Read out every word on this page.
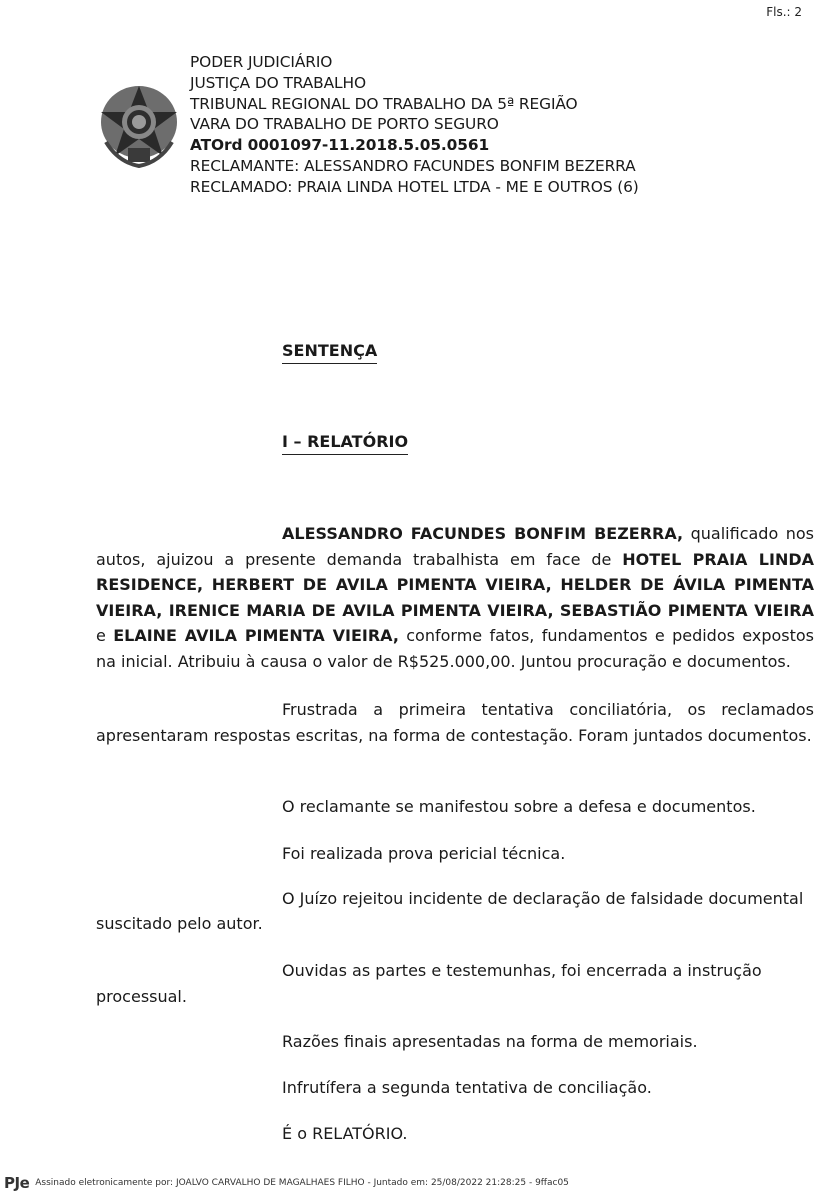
Fls.: 2
PODER JUDICIÁRIO
JUSTIÇA DO TRABALHO
TRIBUNAL REGIONAL DO TRABALHO DA 5ª REGIÃO
VARA DO TRABALHO DE PORTO SEGURO
ATOrd 0001097-11.2018.5.05.0561
RECLAMANTE: ALESSANDRO FACUNDES BONFIM BEZERRA
RECLAMADO: PRAIA LINDA HOTEL LTDA - ME E OUTROS (6)
SENTENÇA
I – RELATÓRIO
ALESSANDRO FACUNDES BONFIM BEZERRA, qualificado nos autos, ajuizou a presente demanda trabalhista em face de HOTEL PRAIA LINDA RESIDENCE, HERBERT DE AVILA PIMENTA VIEIRA, HELDER DE ÁVILA PIMENTA VIEIRA, IRENICE MARIA DE AVILA PIMENTA VIEIRA, SEBASTIÃO PIMENTA VIEIRA e ELAINE AVILA PIMENTA VIEIRA, conforme fatos, fundamentos e pedidos expostos na inicial. Atribuiu à causa o valor de R$525.000,00. Juntou procuração e documentos.
Frustrada a primeira tentativa conciliatória, os reclamados apresentaram respostas escritas, na forma de contestação. Foram juntados documentos.
O reclamante se manifestou sobre a defesa e documentos.
Foi realizada prova pericial técnica.
O Juízo rejeitou incidente de declaração de falsidade documental
suscitado pelo autor.
Ouvidas as partes e testemunhas, foi encerrada a instrução
processual.
Razões finais apresentadas na forma de memoriais.
Infrutífera a segunda tentativa de conciliação.
É o RELATÓRIO.
PJe Assinado eletronicamente por: JOALVO CARVALHO DE MAGALHAES FILHO - Juntado em: 25/08/2022 21:28:25 - 9ffac05
